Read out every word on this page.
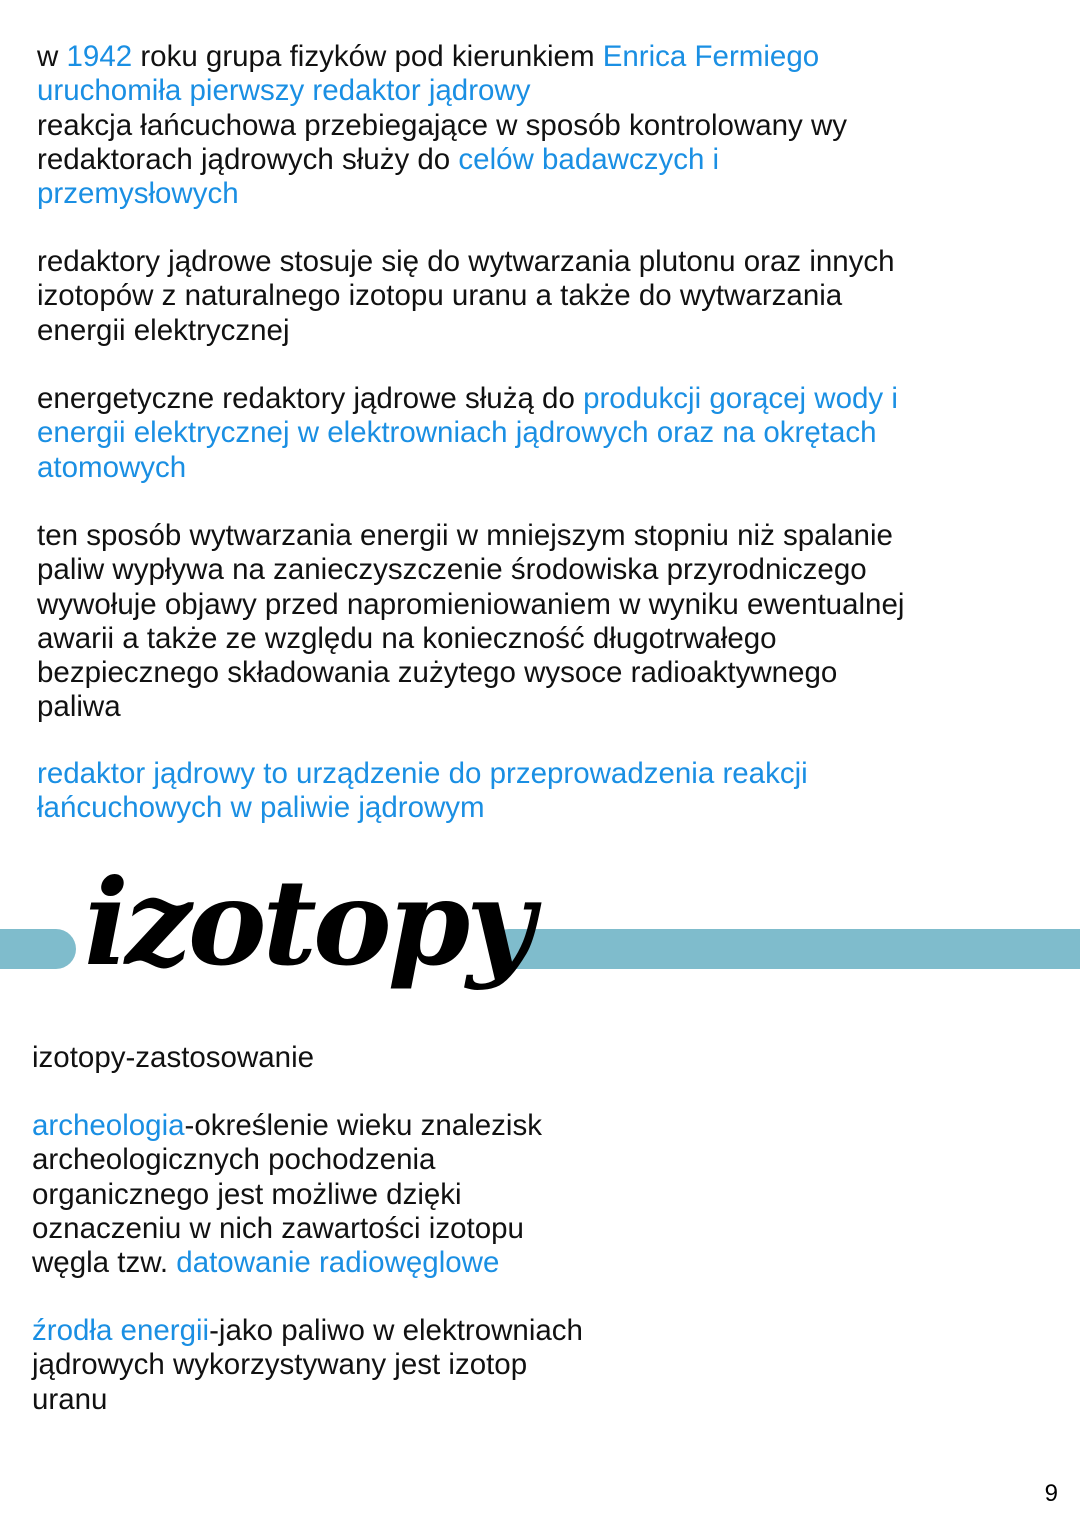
w 1942 roku grupa fizyków pod kierunkiem Enrica Fermiego
uruchomiła pierwszy redaktor jądrowy
reakcja łańcuchowa przebiegające w sposób kontrolowany wy redaktorach jądrowych służy do celów badawczych i przemysłowych

redaktory jądrowe stosuje się do wytwarzania plutonu oraz innych izotopów z naturalnego izotopu uranu a także do wytwarzania energii elektrycznej

energetyczne redaktory jądrowe służą do produkcji gorącej wody i energii elektrycznej w elektrowniach jądrowych oraz na okrętach atomowych

ten sposób wytwarzania energii w mniejszym stopniu niż spalanie paliw wypływa na zanieczyszczenie środowiska przyrodniczego wywołuje objawy przed napromieniowaniem w wyniku ewentualnej awarii a także ze względu na konieczność długotrwałego bezpiecznego składowania zużytego wysoce radioaktywnego paliwa

redaktor jądrowy to urządzenie do przeprowadzenia reakcji łańcuchowych w paliwie jądrowym

izotopy

izotopy-zastosowanie

archeologia-określenie wieku znalezisk archeologicznych pochodzenia organicznego jest możliwe dzięki oznaczeniu w nich zawartości izotopu węgla tzw. datowanie radiowęglowe

źrodła energii-jako paliwo w elektrowniach jądrowych wykorzystywany jest izotop uranu

9
